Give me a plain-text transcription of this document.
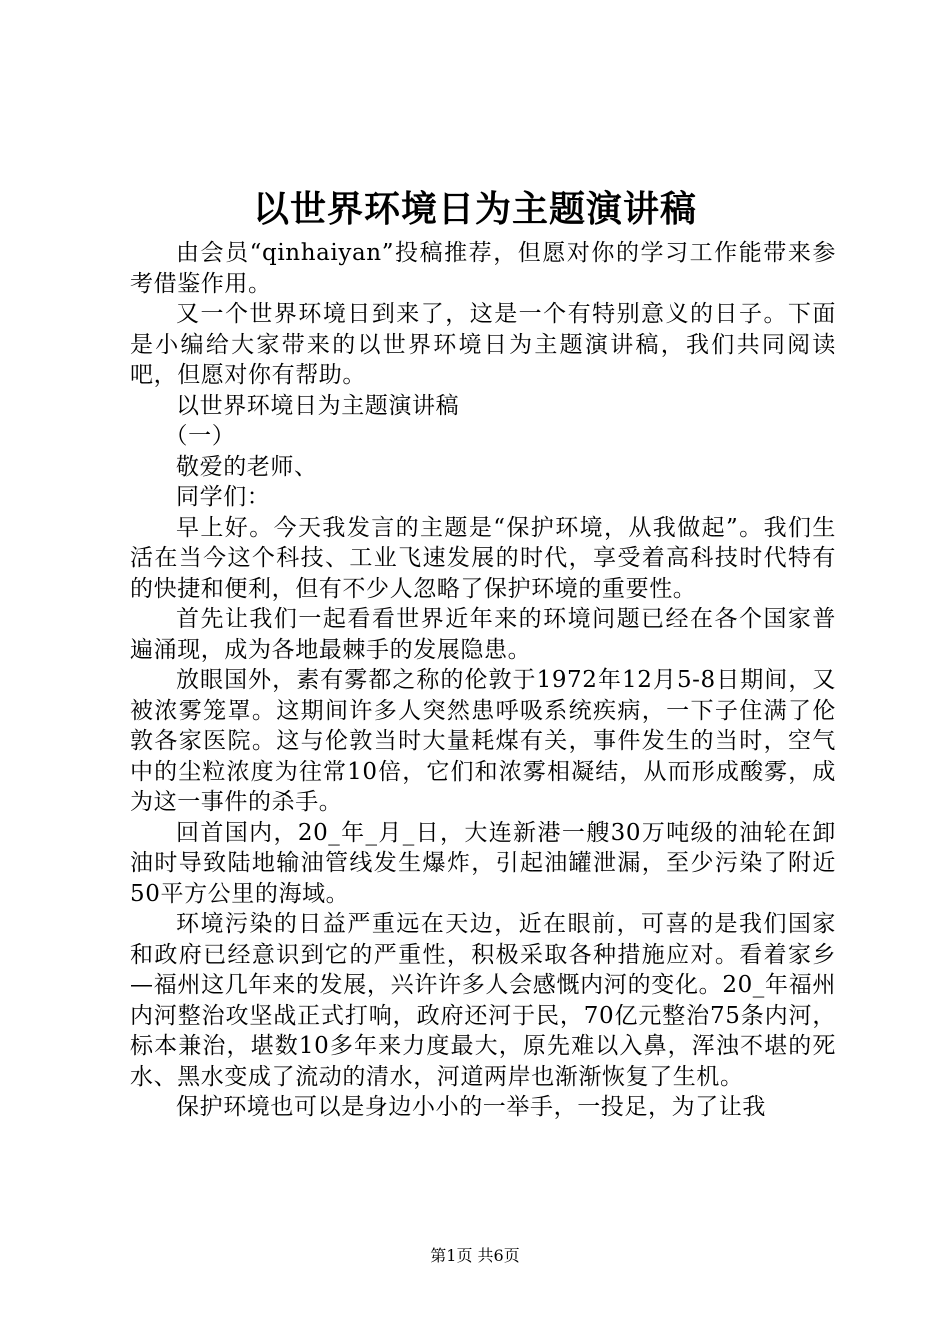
以世界环境日为主题演讲稿

由会员“qinhaiyan”投稿推荐，但愿对你的学习工作能带来参考借鉴作用。

又一个世界环境日到来了，这是一个有特别意义的日子。下面是小编给大家带来的以世界环境日为主题演讲稿，我们共同阅读吧，但愿对你有帮助。

以世界环境日为主题演讲稿

（一）

敬爱的老师、

同学们：

早上好。今天我发言的主题是“保护环境，从我做起”。我们生活在当今这个科技、工业飞速发展的时代，享受着高科技时代特有的快捷和便利，但有不少人忽略了保护环境的重要性。

首先让我们一起看看世界近年来的环境问题已经在各个国家普遍涌现，成为各地最棘手的发展隐患。

放眼国外，素有雾都之称的伦敦于1972年12月5-8日期间，又被浓雾笼罩。这期间许多人突然患呼吸系统疾病，一下子住满了伦敦各家医院。这与伦敦当时大量耗煤有关，事件发生的当时，空气中的尘粒浓度为往常10倍，它们和浓雾相凝结，从而形成酸雾，成为这一事件的杀手。

回首国内，20_年_月_日，大连新港一艘30万吨级的油轮在卸油时导致陆地输油管线发生爆炸，引起油罐泄漏，至少污染了附近50平方公里的海域。

环境污染的日益严重远在天边，近在眼前，可喜的是我们国家和政府已经意识到它的严重性，积极采取各种措施应对。看着家乡—福州这几年来的发展，兴许许多人会感慨内河的变化。20_年福州内河整治攻坚战正式打响，政府还河于民，70亿元整治75条内河，标本兼治，堪数10多年来力度最大，原先难以入鼻，浑浊不堪的死水、黑水变成了流动的清水，河道两岸也渐渐恢复了生机。

保护环境也可以是身边小小的一举手，一投足，为了让我

第1页 共6页
